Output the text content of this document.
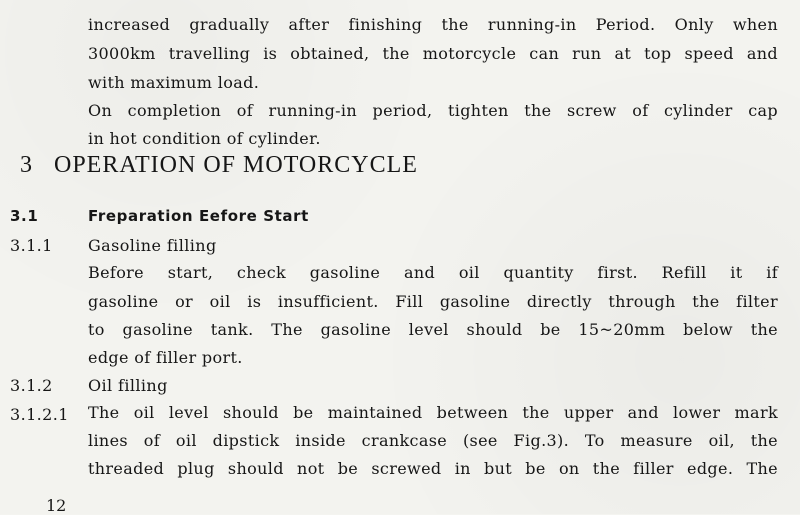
increased gradually after finishing the running-in Period. Only when
3000km travelling is obtained, the motorcycle can run at top speed and
with maximum load.
On completion of running-in period, tighten the screw of cylinder cap
in hot condition of cylinder.
3 OPERATION OF MOTORCYCLE
3.1	Freparation Eefore Start
3.1.1 Gasoline filling
Before start, check gasoline and oil quantity first. Refill it if
gasoline or oil is insufficient. Fill gasoline directly through the filter
to gasoline tank. The gasoline level should be 15~20mm below the
edge of filler port.
3.1.2 Oil filling
3.1.2.1 The oil level should be maintained between the upper and lower mark
lines of oil dipstick inside crankcase (see Fig.3). To measure oil, the
threaded plug should not be screwed in but be on the filler edge. The
12
